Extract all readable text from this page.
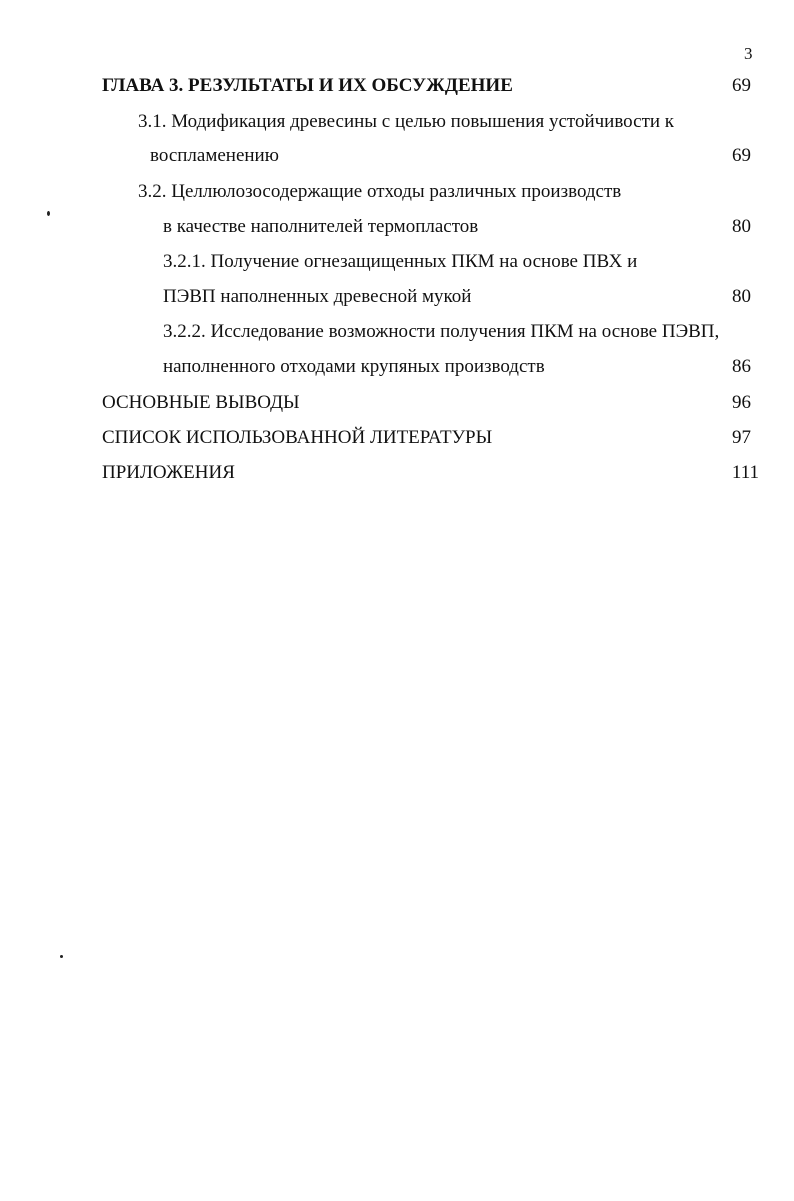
3
ГЛАВА 3. РЕЗУЛЬТАТЫ И ИХ ОБСУЖДЕНИЕ	69
3.1. Модификация древесины с целью повышения устойчивости к
воспламенению	69
3.2. Целлюлозосодержащие отходы различных производств
в качестве наполнителей термопластов	80
3.2.1. Получение огнезащищенных ПКМ на основе ПВХ и
ПЭВП наполненных древесной мукой	80
3.2.2. Исследование возможности получения ПКМ на основе ПЭВП,
наполненного отходами крупяных производств	86
ОСНОВНЫЕ ВЫВОДЫ	96
СПИСОК ИСПОЛЬЗОВАННОЙ ЛИТЕРАТУРЫ	97
ПРИЛОЖЕНИЯ	111
